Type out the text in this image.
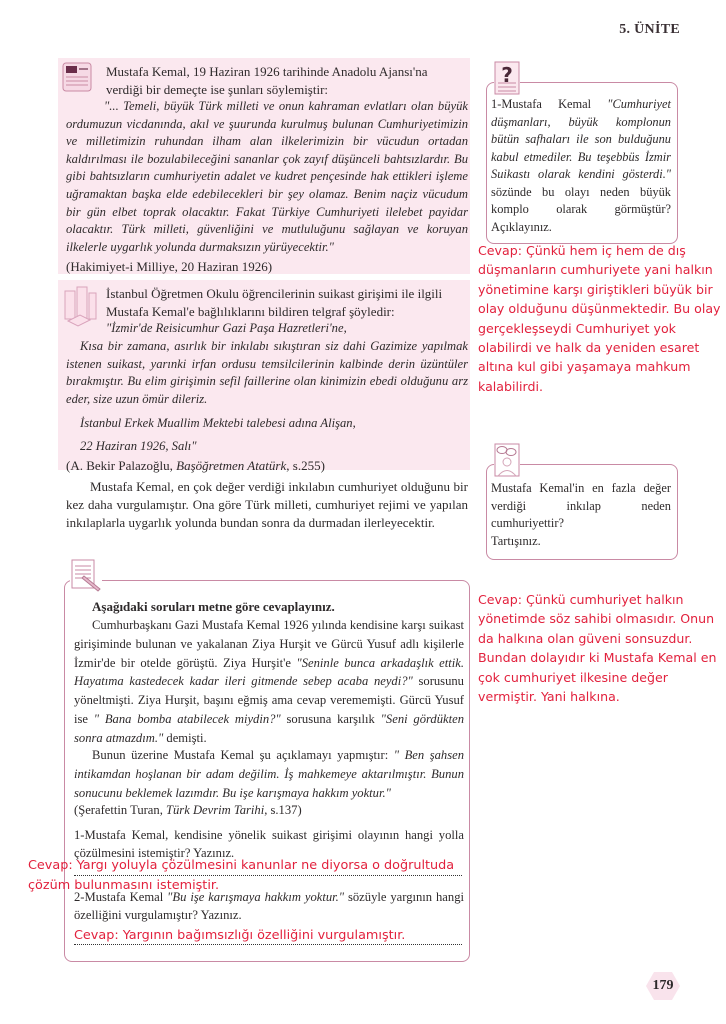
5. ÜNİTE

Mustafa Kemal, 19 Haziran 1926 tarihinde Anadolu Ajansı'na verdiği bir demeçte ise şunları söylemiştir:

"... Temeli, büyük Türk milleti ve onun kahraman evlatları olan büyük ordumuzun vicdanında, akıl ve şuurunda kurulmuş bulunan Cumhuriyetimizin ve milletimizin ruhundan ilham alan ilkelerimizin bir vücudun ortadan kaldırılması ile bozulabileceğini sananlar çok zayıf düşünceli bahtsızlardır. Bu gibi bahtsızların cumhuriyetin adalet ve kudret pençesinde hak ettikleri işleme uğramaktan başka elde edebilecekleri bir şey olamaz. Benim naçiz vücudum bir gün elbet toprak olacaktır. Fakat Türkiye Cumhuriyeti ilelebet payidar olacaktır. Türk milleti, güvenliğini ve mutluluğunu sağlayan ve koruyan ilkelerle uygarlık yolunda durmaksızın yürüyecektir."

(Hakimiyet-i Milliye, 20 Haziran 1926)

İstanbul Öğretmen Okulu öğrencilerinin suikast girişimi ile ilgili Mustafa Kemal'e bağlılıklarını bildiren telgraf şöyledir:

"İzmir'de Reisicumhur Gazi Paşa Hazretleri'ne,

Kısa bir zamana, asırlık bir inkılabı sıkıştıran siz dahi Gazimize yapılmak istenen suikast, yarınki irfan ordusu temsilcilerinin kalbinde derin üzüntüler bırakmıştır. Bu elim girişimin sefil faillerine olan kinimizin ebedi olduğunu arz eder, size uzun ömür dileriz.

İstanbul Erkek Muallim Mektebi talebesi adına Alişan,

22 Haziran 1926, Salı"

(A. Bekir Palazoğlu, Başöğretmen Atatürk, s.255)

Mustafa Kemal, en çok değer verdiği inkılabın cumhuriyet olduğunu bir kez daha vurgulamıştır. Ona göre Türk milleti, cumhuriyet rejimi ve yapılan inkılaplarla uygarlık yolunda bundan sonra da durmadan ilerleyecektir.

?

1-Mustafa Kemal "Cumhuriyet düşmanları, büyük komplonun bütün safhaları ile son bulduğunu kabul etmediler. Bu teşebbüs İzmir Suikastı olarak kendini gösterdi." sözünde bu olayı neden büyük komplo olarak görmüştür? Açıklayınız.

Cevap: Çünkü hem iç hem de dış düşmanların cumhuriyete yani halkın yönetimine karşı giriştikleri büyük bir olay olduğunu düşünmektedir. Bu olay gerçekleşseydi Cumhuriyet yok olabilirdi ve halk da yeniden esaret altına kul gibi yaşamaya mahkum kalabilirdi.

Mustafa Kemal'in en fazla değer verdiği inkılap neden cumhuriyettir?

Tartışınız.

Cevap: Çünkü cumhuriyet halkın yönetimde söz sahibi olmasıdır. Onun da halkına olan güveni sonsuzdur. Bundan dolayıdır ki Mustafa Kemal en çok cumhuriyet ilkesine değer vermiştir. Yani halkına.

Aşağıdaki soruları metne göre cevaplayınız.

Cumhurbaşkanı Gazi Mustafa Kemal 1926 yılında kendisine karşı suikast girişiminde bulunan ve yakalanan Ziya Hurşit ve Gürcü Yusuf adlı kişilerle İzmir'de bir otelde görüştü. Ziya Hurşit'e "Seninle bunca arkadaşlık ettik. Hayatıma kastedecek kadar ileri gitmende sebep acaba neydi?" sorusunu yöneltmişti. Ziya Hurşit, başını eğmiş ama cevap verememişti. Gürcü Yusuf ise " Bana bomba atabilecek miydin?" sorusuna karşılık "Seni gördükten sonra atmazdım." demişti.

Bunun üzerine Mustafa Kemal şu açıklamayı yapmıştır: " Ben şahsen intikamdan hoşlanan bir adam değilim. İş mahkemeye aktarılmıştır. Bunun sonucunu beklemek lazımdır. Bu işe karışmaya hakkım yoktur."

(Şerafettin Turan, Türk Devrim Tarihi, s.137)

1-Mustafa Kemal, kendisine yönelik suikast girişimi olayının hangi yolla çözülmesini istemiştir? Yazınız.

Cevap: Yargı yoluyla çözülmesini kanunlar ne diyorsa o doğrultuda çözüm bulunmasını istemiştir.

2-Mustafa Kemal "Bu işe karışmaya hakkım yoktur." sözüyle yargının hangi özelliğini vurgulamıştır? Yazınız.

Cevap: Yargının bağımsızlığı özelliğini vurgulamıştır.
179
